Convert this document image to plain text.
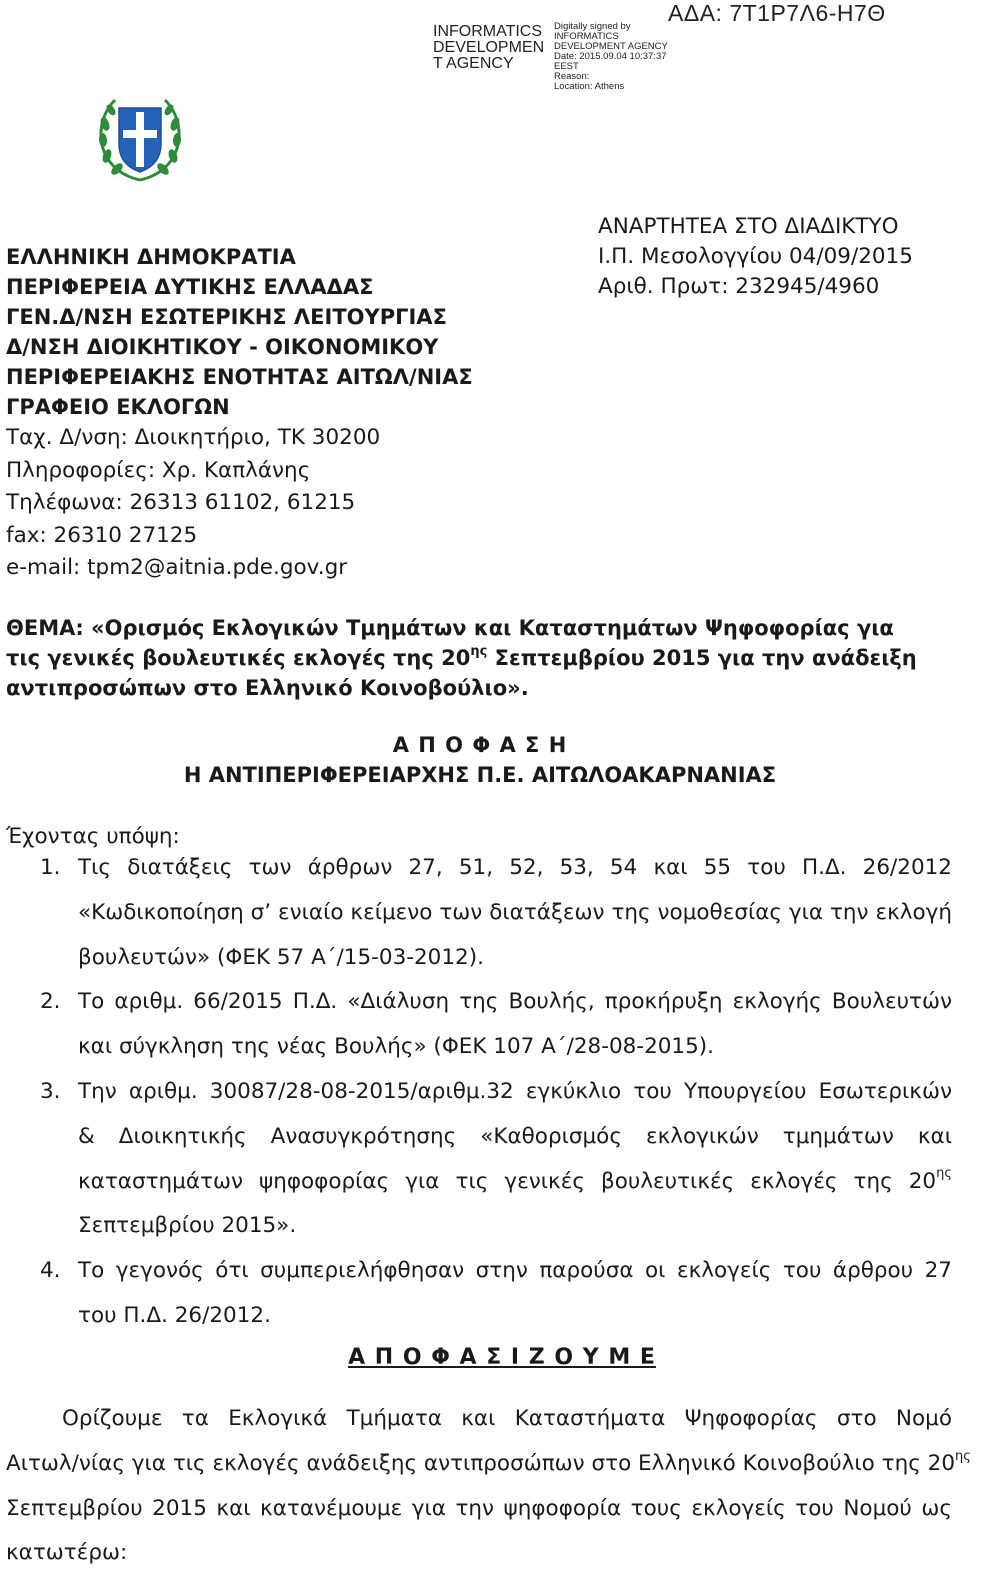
ΑΔΑ: 7Τ1Ρ7Λ6-Η7Θ
INFORMATICS
DEVELOPMEN
T AGENCY
Digitally signed by
INFORMATICS
DEVELOPMENT AGENCY
Date: 2015.09.04 10:37:37
EEST
Reason:
Location: Athens
ΕΛΛΗΝΙΚΗ ΔΗΜΟΚΡΑΤΙΑ
ΠΕΡΙΦΕΡΕΙΑ ΔΥΤΙΚΗΣ ΕΛΛΑΔΑΣ
ΓΕΝ.Δ/ΝΣΗ ΕΣΩΤΕΡΙΚΗΣ ΛΕΙΤΟΥΡΓΙΑΣ
Δ/ΝΣΗ ΔΙΟΙΚΗΤΙΚΟΥ - ΟΙΚΟΝΟΜΙΚΟΥ
ΠΕΡΙΦΕΡΕΙΑΚΗΣ ΕΝΟΤΗΤΑΣ ΑΙΤΩΛ/ΝΙΑΣ
ΓΡΑΦΕΙΟ ΕΚΛΟΓΩΝ
Ταχ. Δ/νση: Διοικητήριο, ΤΚ 30200
Πληροφορίες: Χρ. Καπλάνης
Τηλέφωνα: 26313 61102, 61215
fax: 26310 27125
e-mail: tpm2@aitnia.pde.gov.gr
ΑΝΑΡΤΗΤΕΑ ΣΤΟ ΔΙΑΔΙΚΤΥΟ
Ι.Π. Μεσολογγίου 04/09/2015
Αριθ. Πρωτ: 232945/4960
ΘΕΜΑ: «Ορισμός Εκλογικών Τμημάτων και Καταστημάτων Ψηφοφορίας για
τις γενικές βουλευτικές εκλογές της $20^{\eta\varsigma}$ Σεπτεμβρίου 2015 για την ανάδειξη
αντιπροσώπων στο Ελληνικό Κοινοβούλιο».
Α Π Ο Φ Α Σ Η
Η ΑΝΤΙΠΕΡΙΦΕΡΕΙΑΡΧΗΣ Π.Ε. ΑΙΤΩΛΟΑΚΑΡΝΑΝΙΑΣ
Έχοντας υπόψη:
1. Τις διατάξεις των άρθρων 27, 51, 52, 53, 54 και 55 του Π.Δ. 26/2012
«Κωδικοποίηση σ’ ενιαίο κείμενο των διατάξεων της νομοθεσίας για την εκλογή
βουλευτών» (ΦΕΚ 57 Α΄/15-03-2012).
2. Το αριθμ. 66/2015 Π.Δ. «Διάλυση της Βουλής, προκήρυξη εκλογής Βουλευτών
και σύγκληση της νέας Βουλής» (ΦΕΚ 107 Α΄/28-08-2015).
3. Την αριθμ. 30087/28-08-2015/αριθμ.32 εγκύκλιο του Υπουργείου Εσωτερικών
& Διοικητικής Ανασυγκρότησης «Καθορισμός εκλογικών τμημάτων και
καταστημάτων ψηφοφορίας για τις γενικές βουλευτικές εκλογές της $20^{\eta\varsigma}$
Σεπτεμβρίου 2015».
4. Το γεγονός ότι συμπεριελήφθησαν στην παρούσα οι εκλογείς του άρθρου 27
του Π.Δ. 26/2012.
Α Π Ο Φ Α Σ Ι Ζ Ο Υ Μ Ε
Ορίζουμε τα Εκλογικά Τμήματα και Καταστήματα Ψηφοφορίας στο Νομό
Αιτωλ/νίας για τις εκλογές ανάδειξης αντιπροσώπων στο Ελληνικό Κοινοβούλιο της $20^{\eta\varsigma}$
Σεπτεμβρίου 2015 και κατανέμουμε για την ψηφοφορία τους εκλογείς του Νομού ως
κατωτέρω:
